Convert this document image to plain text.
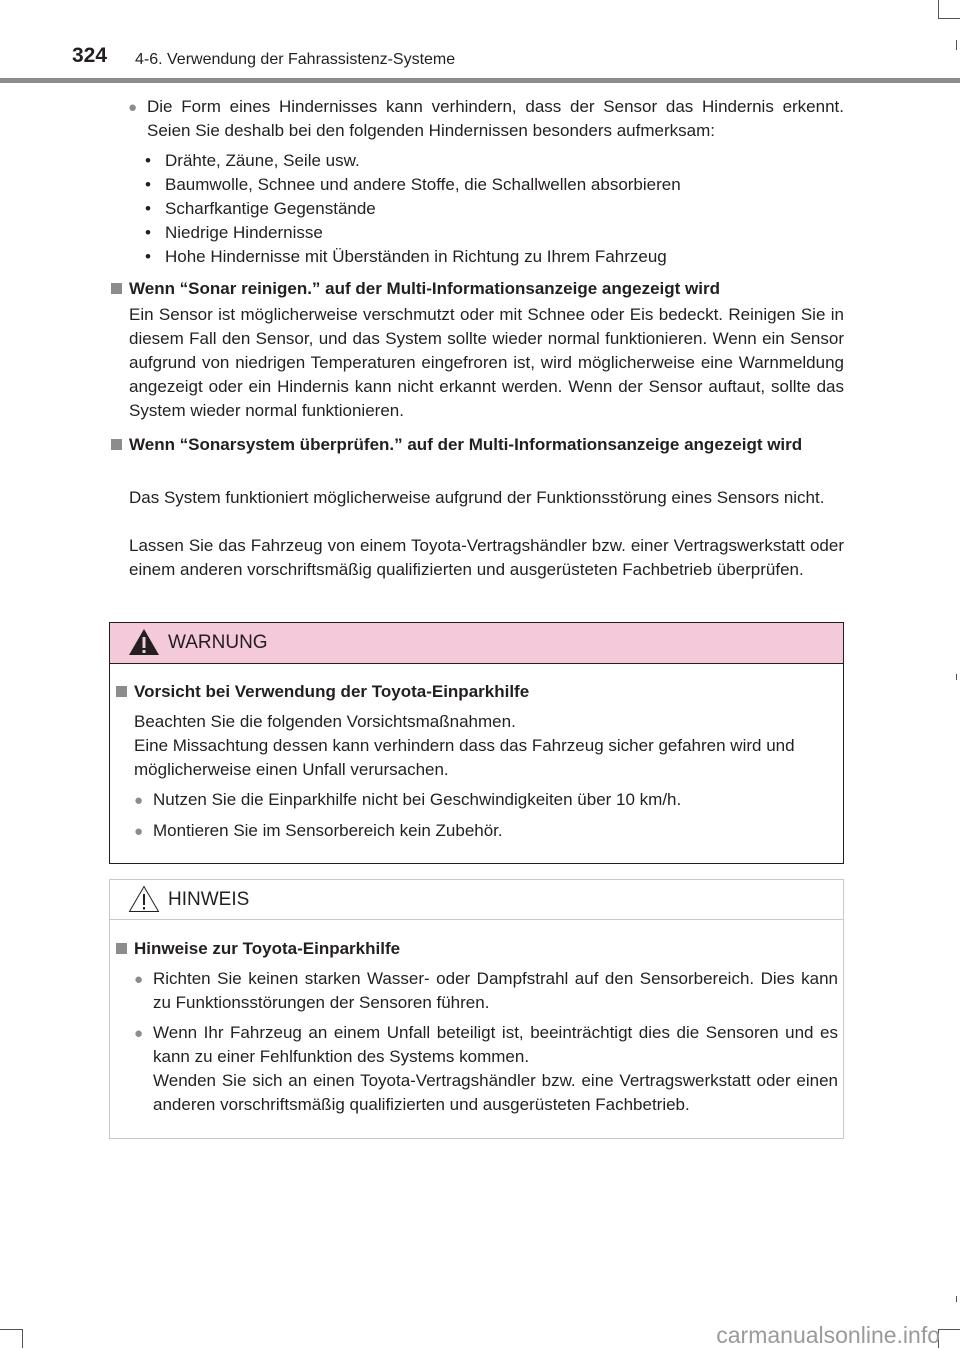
324 4-6. Verwendung der Fahrassistenz-Systeme
● Die Form eines Hindernisses kann verhindern, dass der Sensor das Hindernis erkennt. Seien Sie deshalb bei den folgenden Hindernissen besonders aufmerksam:
• Drähte, Zäune, Seile usw.
• Baumwolle, Schnee und andere Stoffe, die Schallwellen absorbieren
• Scharfkantige Gegenstände
• Niedrige Hindernisse
• Hohe Hindernisse mit Überständen in Richtung zu Ihrem Fahrzeug
Wenn “Sonar reinigen.” auf der Multi-Informationsanzeige angezeigt wird
Ein Sensor ist möglicherweise verschmutzt oder mit Schnee oder Eis bedeckt. Reinigen Sie in diesem Fall den Sensor, und das System sollte wieder normal funktionieren. Wenn ein Sensor aufgrund von niedrigen Temperaturen eingefroren ist, wird möglicherweise eine Warnmeldung angezeigt oder ein Hindernis kann nicht erkannt werden. Wenn der Sensor auftaut, sollte das System wieder normal funktionieren.
Wenn “Sonarsystem überprüfen.” auf der Multi-Informationsanzeige angezeigt wird
Das System funktioniert möglicherweise aufgrund der Funktionsstörung eines Sensors nicht.
Lassen Sie das Fahrzeug von einem Toyota-Vertragshändler bzw. einer Vertragswerkstatt oder einem anderen vorschriftsmäßig qualifizierten und ausgerüsteten Fachbetrieb überprüfen.
WARNUNG
Vorsicht bei Verwendung der Toyota-Einparkhilfe
Beachten Sie die folgenden Vorsichtsmaßnahmen.
Eine Missachtung dessen kann verhindern dass das Fahrzeug sicher gefahren wird und möglicherweise einen Unfall verursachen.
● Nutzen Sie die Einparkhilfe nicht bei Geschwindigkeiten über 10 km/h.
● Montieren Sie im Sensorbereich kein Zubehör.
HINWEIS
Hinweise zur Toyota-Einparkhilfe
● Richten Sie keinen starken Wasser- oder Dampfstrahl auf den Sensorbereich. Dies kann zu Funktionsstörungen der Sensoren führen.
● Wenn Ihr Fahrzeug an einem Unfall beteiligt ist, beeinträchtigt dies die Sensoren und es kann zu einer Fehlfunktion des Systems kommen.
Wenden Sie sich an einen Toyota-Vertragshändler bzw. eine Vertragswerkstatt oder einen anderen vorschriftsmäßig qualifizierten und ausgerüsteten Fachbetrieb.
carmanualsonline.info
